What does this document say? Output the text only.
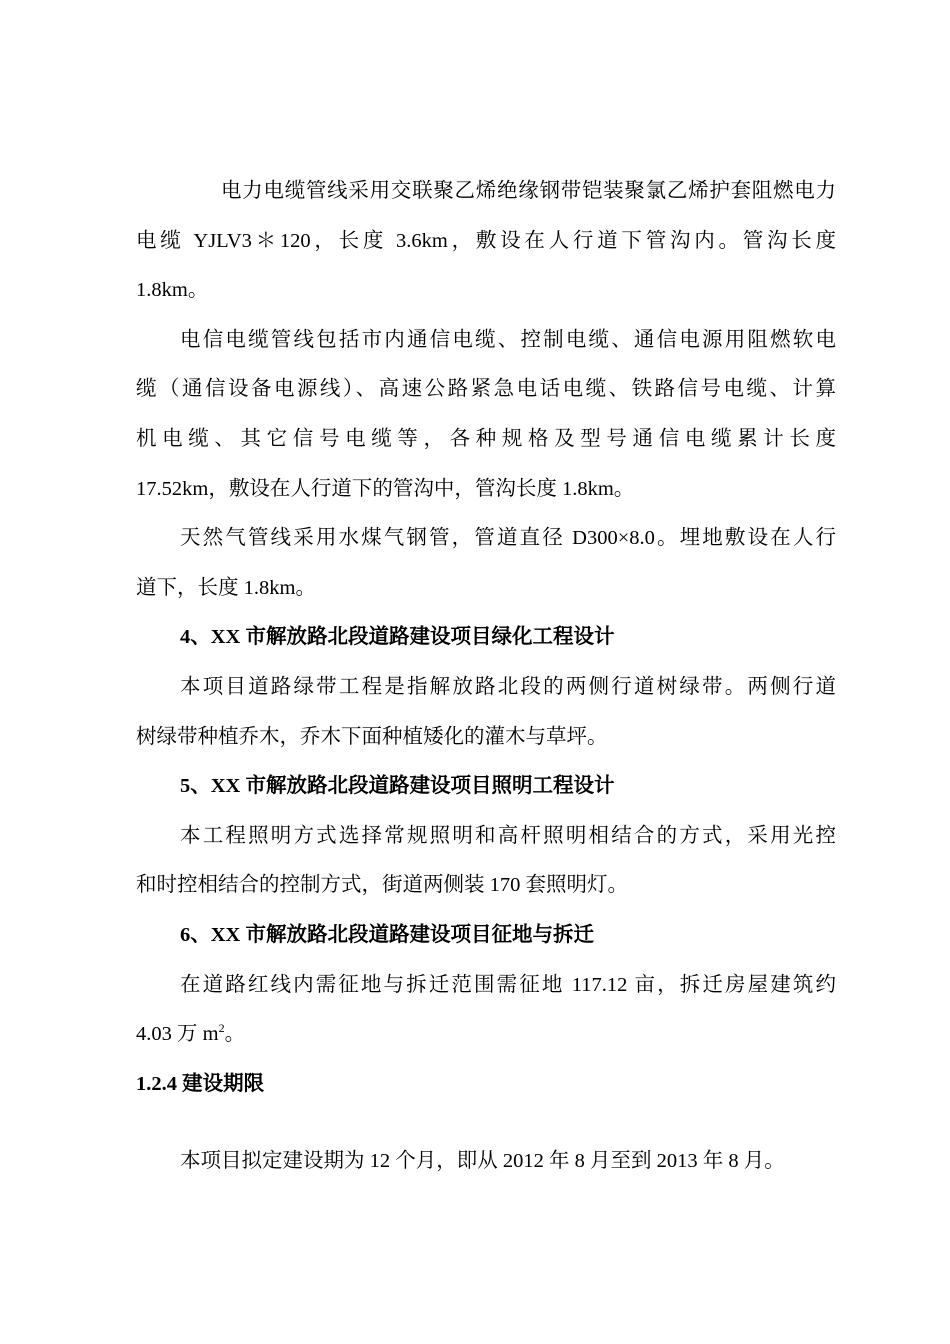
电力电缆管线采用交联聚乙烯绝缘钢带铠装聚氯乙烯护套阻燃电力
电缆 YJLV3＊120，长度 3.6km，敷设在人行道下管沟内。管沟长度
1.8km。
电信电缆管线包括市内通信电缆、控制电缆、通信电源用阻燃软电
缆（通信设备电源线）、高速公路紧急电话电缆、铁路信号电缆、计算
机电缆、其它信号电缆等，各种规格及型号通信电缆累计长度
17.52km，敷设在人行道下的管沟中，管沟长度 1.8km。
天然气管线采用水煤气钢管，管道直径 D300×8.0。埋地敷设在人行
道下，长度 1.8km。

4、XX 市解放路北段道路建设项目绿化工程设计

本项目道路绿带工程是指解放路北段的两侧行道树绿带。两侧行道
树绿带种植乔木，乔木下面种植矮化的灌木与草坪。

5、XX 市解放路北段道路建设项目照明工程设计

本工程照明方式选择常规照明和高杆照明相结合的方式，采用光控
和时控相结合的控制方式，街道两侧装 170 套照明灯。

6、XX 市解放路北段道路建设项目征地与拆迁

在道路红线内需征地与拆迁范围需征地 117.12 亩，拆迁房屋建筑约
4.03 万 $m^2$。

1.2.4 建设期限

本项目拟定建设期为 12 个月，即从 2012 年 8 月至到 2013 年 8 月。
